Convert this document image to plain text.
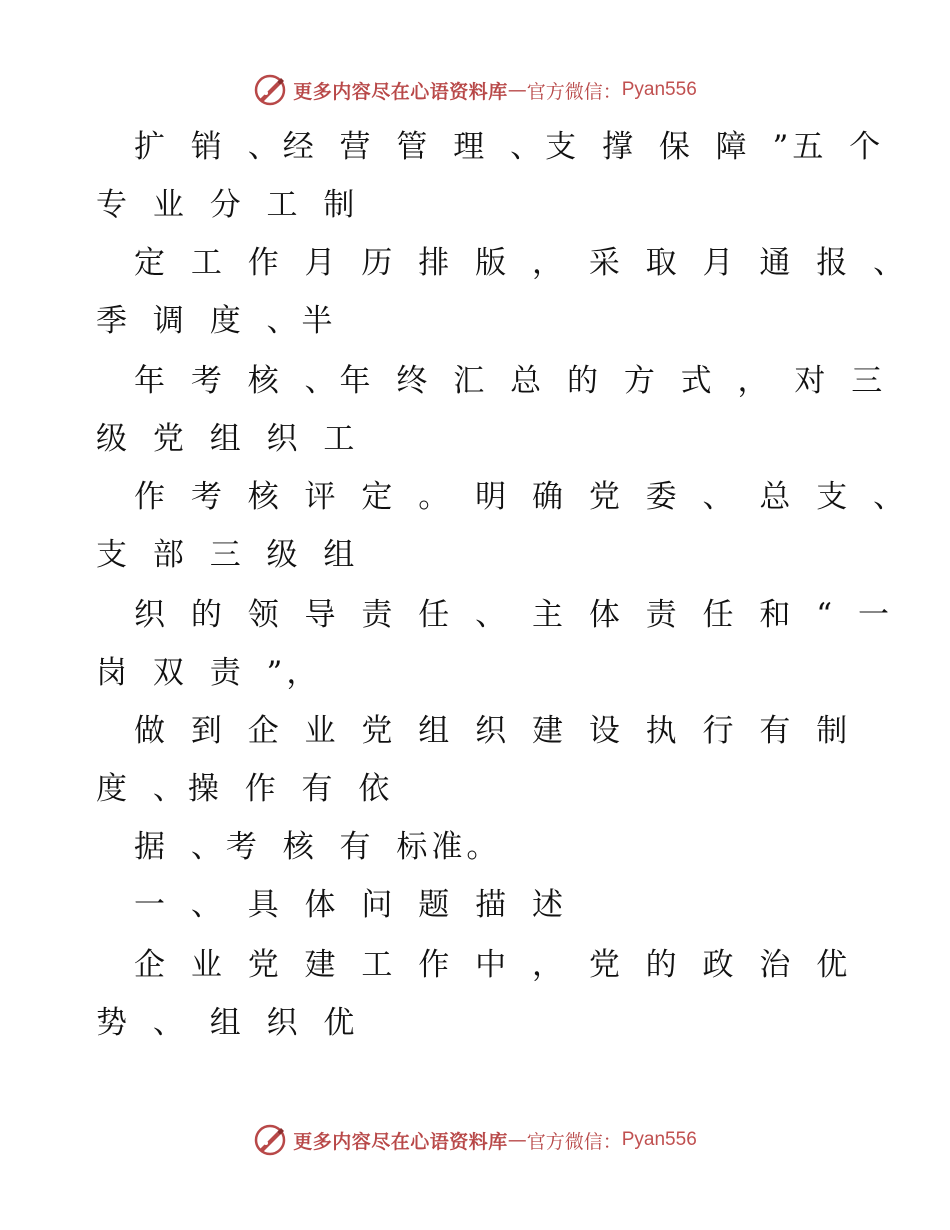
更多内容尽在心语资料库 — 官方微信： Pyan556
扩 销 、经 营 管 理 、支 撑 保 障 ”五 个
专 业 分 工 制
定 工 作 月 历 排 版 ， 采 取 月 通 报 、
季 调 度 、半
年 考 核 、年 终 汇 总 的 方 式 ， 对 三
级 党 组 织 工
作 考 核 评 定 。 明 确 党 委 、 总 支 、
支 部 三 级 组
织 的 领 导 责 任 、 主 体 责 任 和 “ 一
岗 双 责 ”，
做 到 企 业 党 组 织 建 设 执 行 有 制
度 、操 作 有 依
据 、考 核 有 标准。
一 、 具 体 问 题 描 述
企 业 党 建 工 作 中 ， 党 的 政 治 优
势 、 组 织 优
更多内容尽在心语资料库 — 官方微信： Pyan556
